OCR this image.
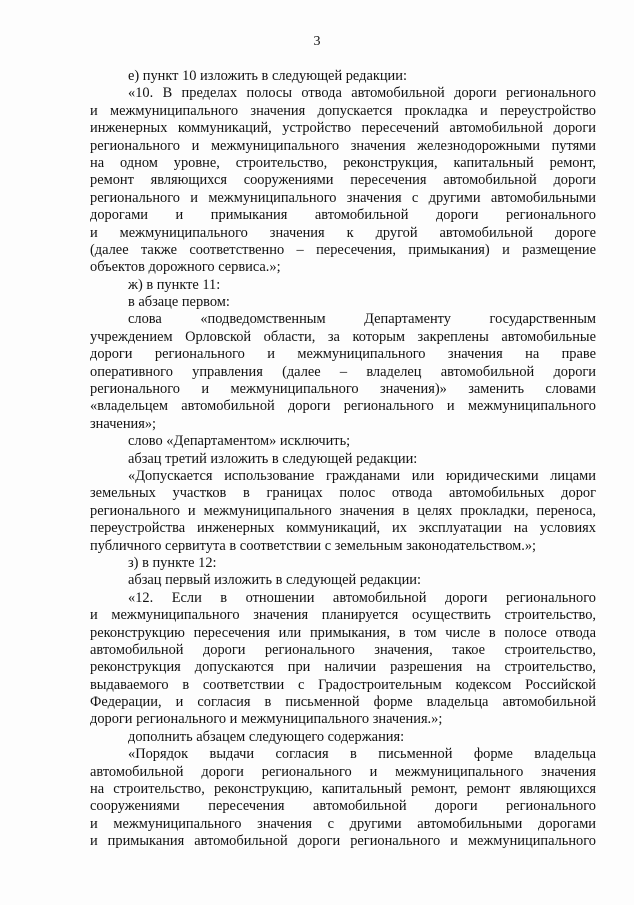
3
е) пункт 10 изложить в следующей редакции:
«10. В пределах полосы отвода автомобильной дороги регионального
и межмуниципального значения допускается прокладка и переустройство
инженерных коммуникаций, устройство пересечений автомобильной дороги
регионального и межмуниципального значения железнодорожными путями
на одном уровне, строительство, реконструкция, капитальный ремонт,
ремонт являющихся сооружениями пересечения автомобильной дороги
регионального и межмуниципального значения с другими автомобильными
дорогами и примыкания автомобильной дороги регионального
и межмуниципального значения к другой автомобильной дороге
(далее также соответственно – пересечения, примыкания) и размещение
объектов дорожного сервиса.»;
ж) в пункте 11:
в абзаце первом:
слова «подведомственным Департаменту государственным
учреждением Орловской области, за которым закреплены автомобильные
дороги регионального и межмуниципального значения на праве
оперативного управления (далее – владелец автомобильной дороги
регионального и межмуниципального значения)» заменить словами
«владельцем автомобильной дороги регионального и межмуниципального
значения»;
слово «Департаментом» исключить;
абзац третий изложить в следующей редакции:
«Допускается использование гражданами или юридическими лицами
земельных участков в границах полос отвода автомобильных дорог
регионального и межмуниципального значения в целях прокладки, переноса,
переустройства инженерных коммуникаций, их эксплуатации на условиях
публичного сервитута в соответствии с земельным законодательством.»;
з) в пункте 12:
абзац первый изложить в следующей редакции:
«12. Если в отношении автомобильной дороги регионального
и межмуниципального значения планируется осуществить строительство,
реконструкцию пересечения или примыкания, в том числе в полосе отвода
автомобильной дороги регионального значения, такое строительство,
реконструкция допускаются при наличии разрешения на строительство,
выдаваемого в соответствии с Градостроительным кодексом Российской
Федерации, и согласия в письменной форме владельца автомобильной
дороги регионального и межмуниципального значения.»;
дополнить абзацем следующего содержания:
«Порядок выдачи согласия в письменной форме владельца
автомобильной дороги регионального и межмуниципального значения
на строительство, реконструкцию, капитальный ремонт, ремонт являющихся
сооружениями пересечения автомобильной дороги регионального
и межмуниципального значения с другими автомобильными дорогами
и примыкания автомобильной дороги регионального и межмуниципального
